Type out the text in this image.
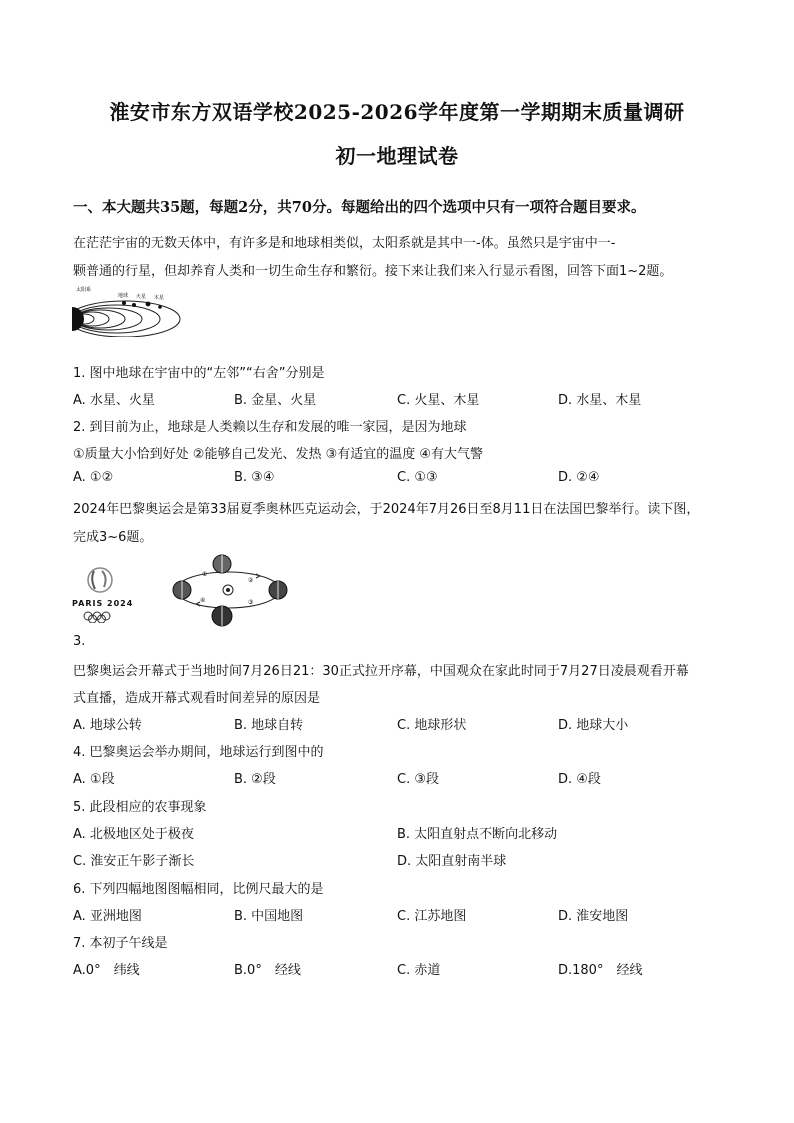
淮安市东方双语学校2025-2026学年度第一学期期末质量调研
初一地理试卷
一、本大题共35题，每题2分，共70分。每题给出的四个选项中只有一项符合题目要求。
在茫茫宇宙的无数天体中，有许多是和地球相类似，太阳系就是其中一-体。虽然只是宇宙中一-
颗普通的行星，但却养育人类和一切生命生存和繁衍。接下来让我们来入行显示看图，回答下面1~2题。
太阳系
木星
火星
地球
1. 图中地球在宇宙中的“左邻”“右舍”分别是
A. 水星、火星	B. 金星、火星	C. 火星、木星	D. 水星、木星
2. 到目前为止，地球是人类赖以生存和发展的唯一家园，是因为地球
①质量大小恰到好处 ②能够自己发光、发热 ③有适宜的温度 ④有大气警
A. ①②	B. ③④	C. ①③	D. ②④
2024年巴黎奥运会是第33届夏季奥林匹克运动会，于2024年7月26日至8月11日在法国巴黎举行。读下图，
完成3~6题。
PARIS 2024
①
②
③
④
3.
巴黎奥运会开幕式于当地时间7月26日21：30正式拉开序幕，中国观众在家此时同于7月27日凌晨观看开幕
式直播，造成开幕式观看时间差异的原因是
A. 地球公转	B. 地球自转	C. 地球形状	D. 地球大小
4. 巴黎奥运会举办期间，地球运行到图中的
A. ①段	B. ②段	C. ③段	D. ④段
5. 此段相应的农事现象
A. 北极地区处于极夜	B. 太阳直射点不断向北移动
C. 淮安正午影子渐长	D. 太阳直射南半球
6. 下列四幅地图图幅相同，比例尺最大的是
A. 亚洲地图	B. 中国地图	C. 江苏地图	D. 淮安地图
7. 本初子午线是
A.0°　纬线	B.0°　经线	C. 赤道	D.180°　经线
